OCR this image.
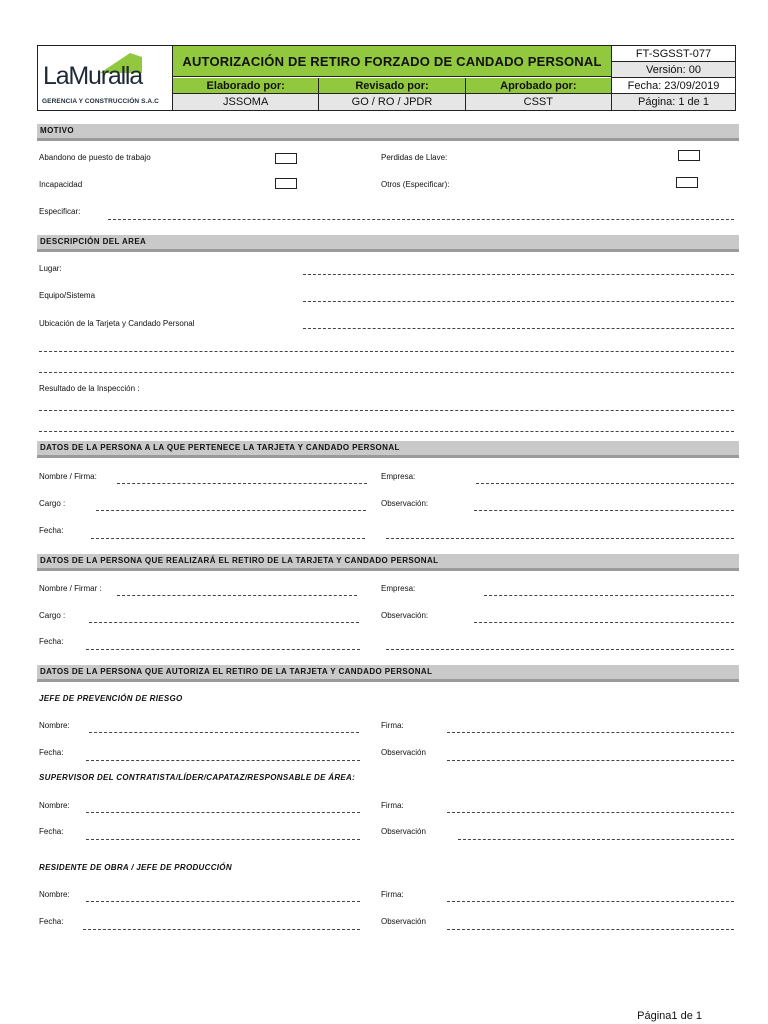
LaMuralla
GERENCIA Y CONSTRUCCIÓN S.A.C
AUTORIZACIÓN DE RETIRO FORZADO DE CANDADO PERSONAL
Elaborado por:	Revisado por:	Aprobado por:
JSSOMA	GO / RO / JPDR	CSST
FT-SGSST-077
Versión: 00
Fecha: 23/09/2019
Página: 1 de 1
MOTIVO
Abandono de puesto de trabajo	Perdidas de Llave:
Incapacidad	Otros (Especificar):
Especificar:
DESCRIPCIÓN DEL AREA
Lugar:
Equipo/Sistema
Ubicación de la Tarjeta y Candado Personal
Resultado de la Inspección :
DATOS DE LA PERSONA A LA QUE PERTENECE LA TARJETA Y CANDADO PERSONAL
Nombre / Firma:	Empresa:
Cargo :	Observación:
Fecha:
DATOS DE LA PERSONA QUE REALIZARÁ EL RETIRO DE LA TARJETA Y CANDADO PERSONAL
Nombre / Firmar :	Empresa:
Cargo :	Observación:
Fecha:
DATOS DE LA PERSONA QUE AUTORIZA EL RETIRO DE LA TARJETA Y CANDADO PERSONAL
JEFE DE PREVENCIÓN DE RIESGO
Nombre:	Firma:
Fecha:	Observación
SUPERVISOR DEL CONTRATISTA/LÍDER/CAPATAZ/RESPONSABLE DE ÁREA:
Nombre:	Firma:
Fecha:	Observación
RESIDENTE DE OBRA / JEFE DE PRODUCCIÓN
Nombre:	Firma:
Fecha:	Observación
Página1 de 1
